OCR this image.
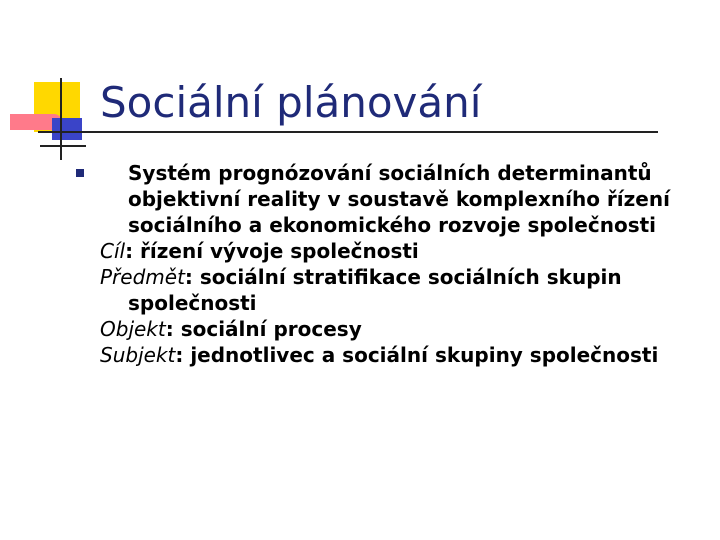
Sociální plánování

Systém prognózování sociálních determinantů objektivní reality v soustavě komplexního řízení sociálního a ekonomického rozvoje společnosti

Cíl: řízení vývoje společnosti

Předmět: sociální stratifikace sociálních skupin společnosti

Objekt: sociální procesy

Subjekt: jednotlivec a sociální skupiny společnosti
